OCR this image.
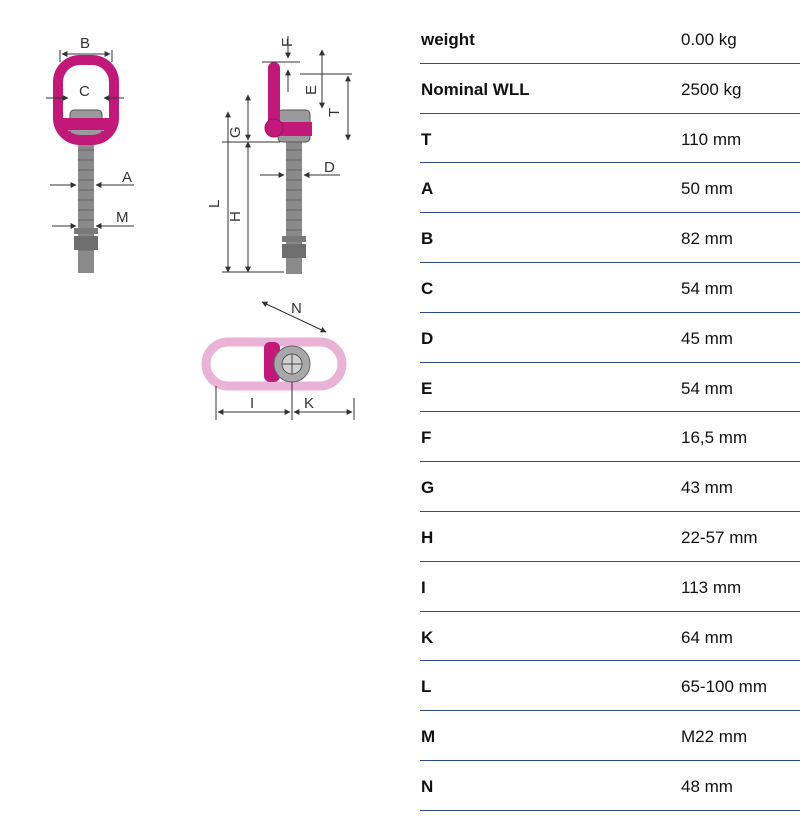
B
C
A
M
F
E
T
G
L
H
D
N
I	K
weight	0.00 kg
Nominal WLL	2500 kg
T	110 mm
A	50 mm
B	82 mm
C	54 mm
D	45 mm
E	54 mm
F	16,5 mm
G	43 mm
H	22-57 mm
I	113 mm
K	64 mm
L	65-100 mm
M	M22 mm
N	48 mm
